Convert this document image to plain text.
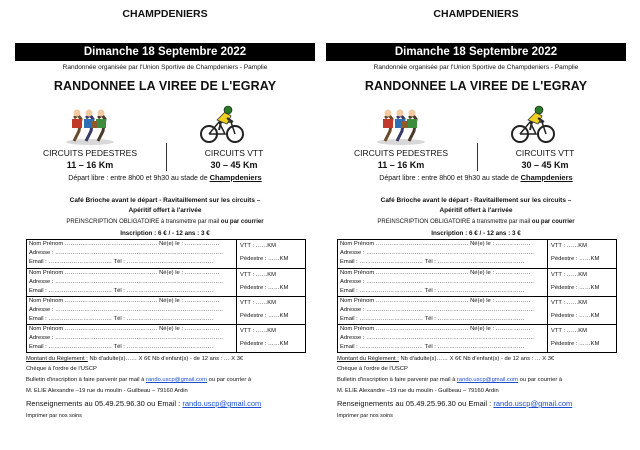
CHAMPDENIERS
Dimanche 18 Septembre 2022
Randonnée organisée par l'Union Sportive de Champdeniers - Pamplie
RANDONNEE LA VIREE DE L'EGRAY
CIRCUITS PEDESTRES
11 – 16 Km
CIRCUITS VTT
30 – 45 Km
Départ libre : entre 8h00 et 9h30 au stade de Champdeniers
Café Brioche avant le départ - Ravitaillement sur les circuits –
Apéritif offert à l'arrivée
PREINSCRIPTION OBLIGATOIRE à transmettre par mail ou par courrier
Inscription : 6 € / - 12 ans : 3 €
Nom Prénom ………………………………………… Né(e) le : ………………
Adresse : ……………………………………………………………………………
Email : …………………………… Tél : ………………………………………
VTT : ……KM
Pédestre : ……KM
Nom Prénom ………………………………………… Né(e) le : ………………
Adresse : ……………………………………………………………………………
Email : …………………………… Tél : ………………………………………
VTT : ……KM
Pédestre : ……KM
Nom Prénom ………………………………………… Né(e) le : ………………
Adresse : ……………………………………………………………………………
Email : …………………………… Tél : ………………………………………
VTT : ……KM
Pédestre : ……KM
Nom Prénom ………………………………………… Né(e) le : ………………
Adresse : ……………………………………………………………………………
Email : …………………………… Tél : ………………………………………
VTT : ……KM
Pédestre : ……KM
Montant du Règlement : Nb d'adulte(s)…… X 6€ Nb d'enfant(s) - de 12 ans : … X 3€
Chèque à l'ordre de l'USCP
Bulletin d'inscription à faire parvenir par mail à rando.uscp@gmail.com ou par courrier à
M. ELIE Alexandre –19 rue du moulin - Guilbeau – 79160 Ardin
Renseignements au 05.49.25.96.30 ou Email : rando.uscp@gmail.com
Imprimer par nos soins
CHAMPDENIERS
Dimanche 18 Septembre 2022
Randonnée organisée par l'Union Sportive de Champdeniers - Pamplie
RANDONNEE LA VIREE DE L'EGRAY
CIRCUITS PEDESTRES
11 – 16 Km
CIRCUITS VTT
30 – 45 Km
Départ libre : entre 8h00 et 9h30 au stade de Champdeniers
Café Brioche avant le départ - Ravitaillement sur les circuits –
Apéritif offert à l'arrivée
PREINSCRIPTION OBLIGATOIRE à transmettre par mail ou par courrier
Inscription : 6 € / - 12 ans : 3 €
Nom Prénom ………………………………………… Né(e) le : ………………
Adresse : ……………………………………………………………………………
Email : …………………………… Tél : ………………………………………
VTT : ……KM
Pédestre : ……KM
Nom Prénom ………………………………………… Né(e) le : ………………
Adresse : ……………………………………………………………………………
Email : …………………………… Tél : ………………………………………
VTT : ……KM
Pédestre : ……KM
Nom Prénom ………………………………………… Né(e) le : ………………
Adresse : ……………………………………………………………………………
Email : …………………………… Tél : ………………………………………
VTT : ……KM
Pédestre : ……KM
Nom Prénom ………………………………………… Né(e) le : ………………
Adresse : ……………………………………………………………………………
Email : …………………………… Tél : ………………………………………
VTT : ……KM
Pédestre : ……KM
Montant du Règlement : Nb d'adulte(s)…… X 6€ Nb d'enfant(s) - de 12 ans : … X 3€
Chèque à l'ordre de l'USCP
Bulletin d'inscription à faire parvenir par mail à rando.uscp@gmail.com ou par courrier à
M. ELIE Alexandre –19 rue du moulin - Guilbeau – 79160 Ardin
Renseignements au 05.49.25.96.30 ou Email : rando.uscp@gmail.com
Imprimer par nos soins
